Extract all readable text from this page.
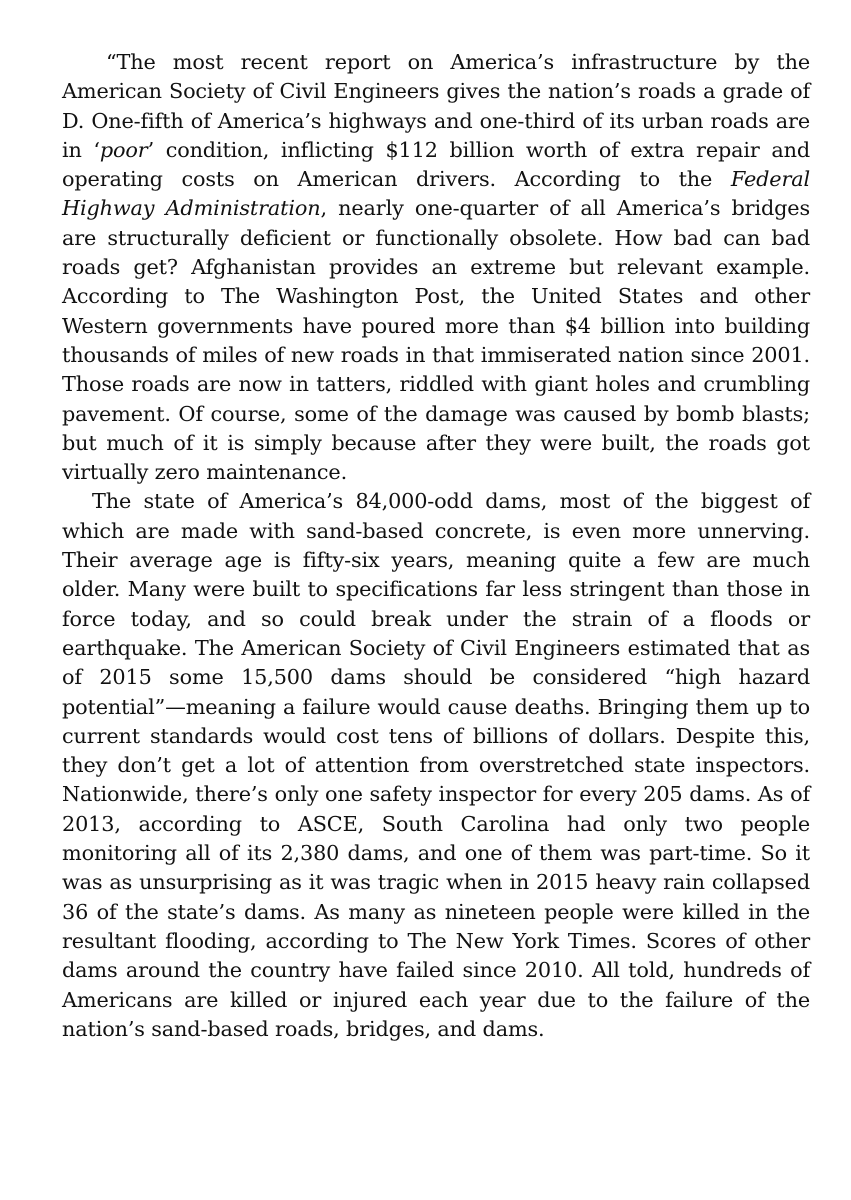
“The most recent report on America’s infrastructure by the American Society of Civil Engineers gives the nation’s roads a grade of D. One-fifth of America’s highways and one-third of its urban roads are in ‘poor’ condition, inflicting $112 billion worth of extra repair and operating costs on American drivers. According to the Federal Highway Administration, nearly one-quarter of all America’s bridges are structurally deficient or functionally obsolete. How bad can bad roads get? Afghanistan provides an extreme but relevant example. According to The Washington Post, the United States and other Western governments have poured more than $4 billion into building thousands of miles of new roads in that immiserated nation since 2001. Those roads are now in tatters, riddled with giant holes and crumbling pavement. Of course, some of the damage was caused by bomb blasts; but much of it is simply because after they were built, the roads got virtually zero maintenance.

The state of America’s 84,000-odd dams, most of the biggest of which are made with sand-based concrete, is even more unnerving. Their average age is fifty-six years, meaning quite a few are much older. Many were built to specifications far less stringent than those in force today, and so could break under the strain of a floods or earthquake. The American Society of Civil Engineers estimated that as of 2015 some 15,500 dams should be considered “high hazard potential”—meaning a failure would cause deaths. Bringing them up to current standards would cost tens of billions of dollars. Despite this, they don’t get a lot of attention from overstretched state inspectors. Nationwide, there’s only one safety inspector for every 205 dams. As of 2013, according to ASCE, South Carolina had only two people monitoring all of its 2,380 dams, and one of them was part-time. So it was as unsurprising as it was tragic when in 2015 heavy rain collapsed 36 of the state’s dams. As many as nineteen people were killed in the resultant flooding, according to The New York Times. Scores of other dams around the country have failed since 2010. All told, hundreds of Americans are killed or injured each year due to the failure of the nation’s sand-based roads, bridges, and dams.
